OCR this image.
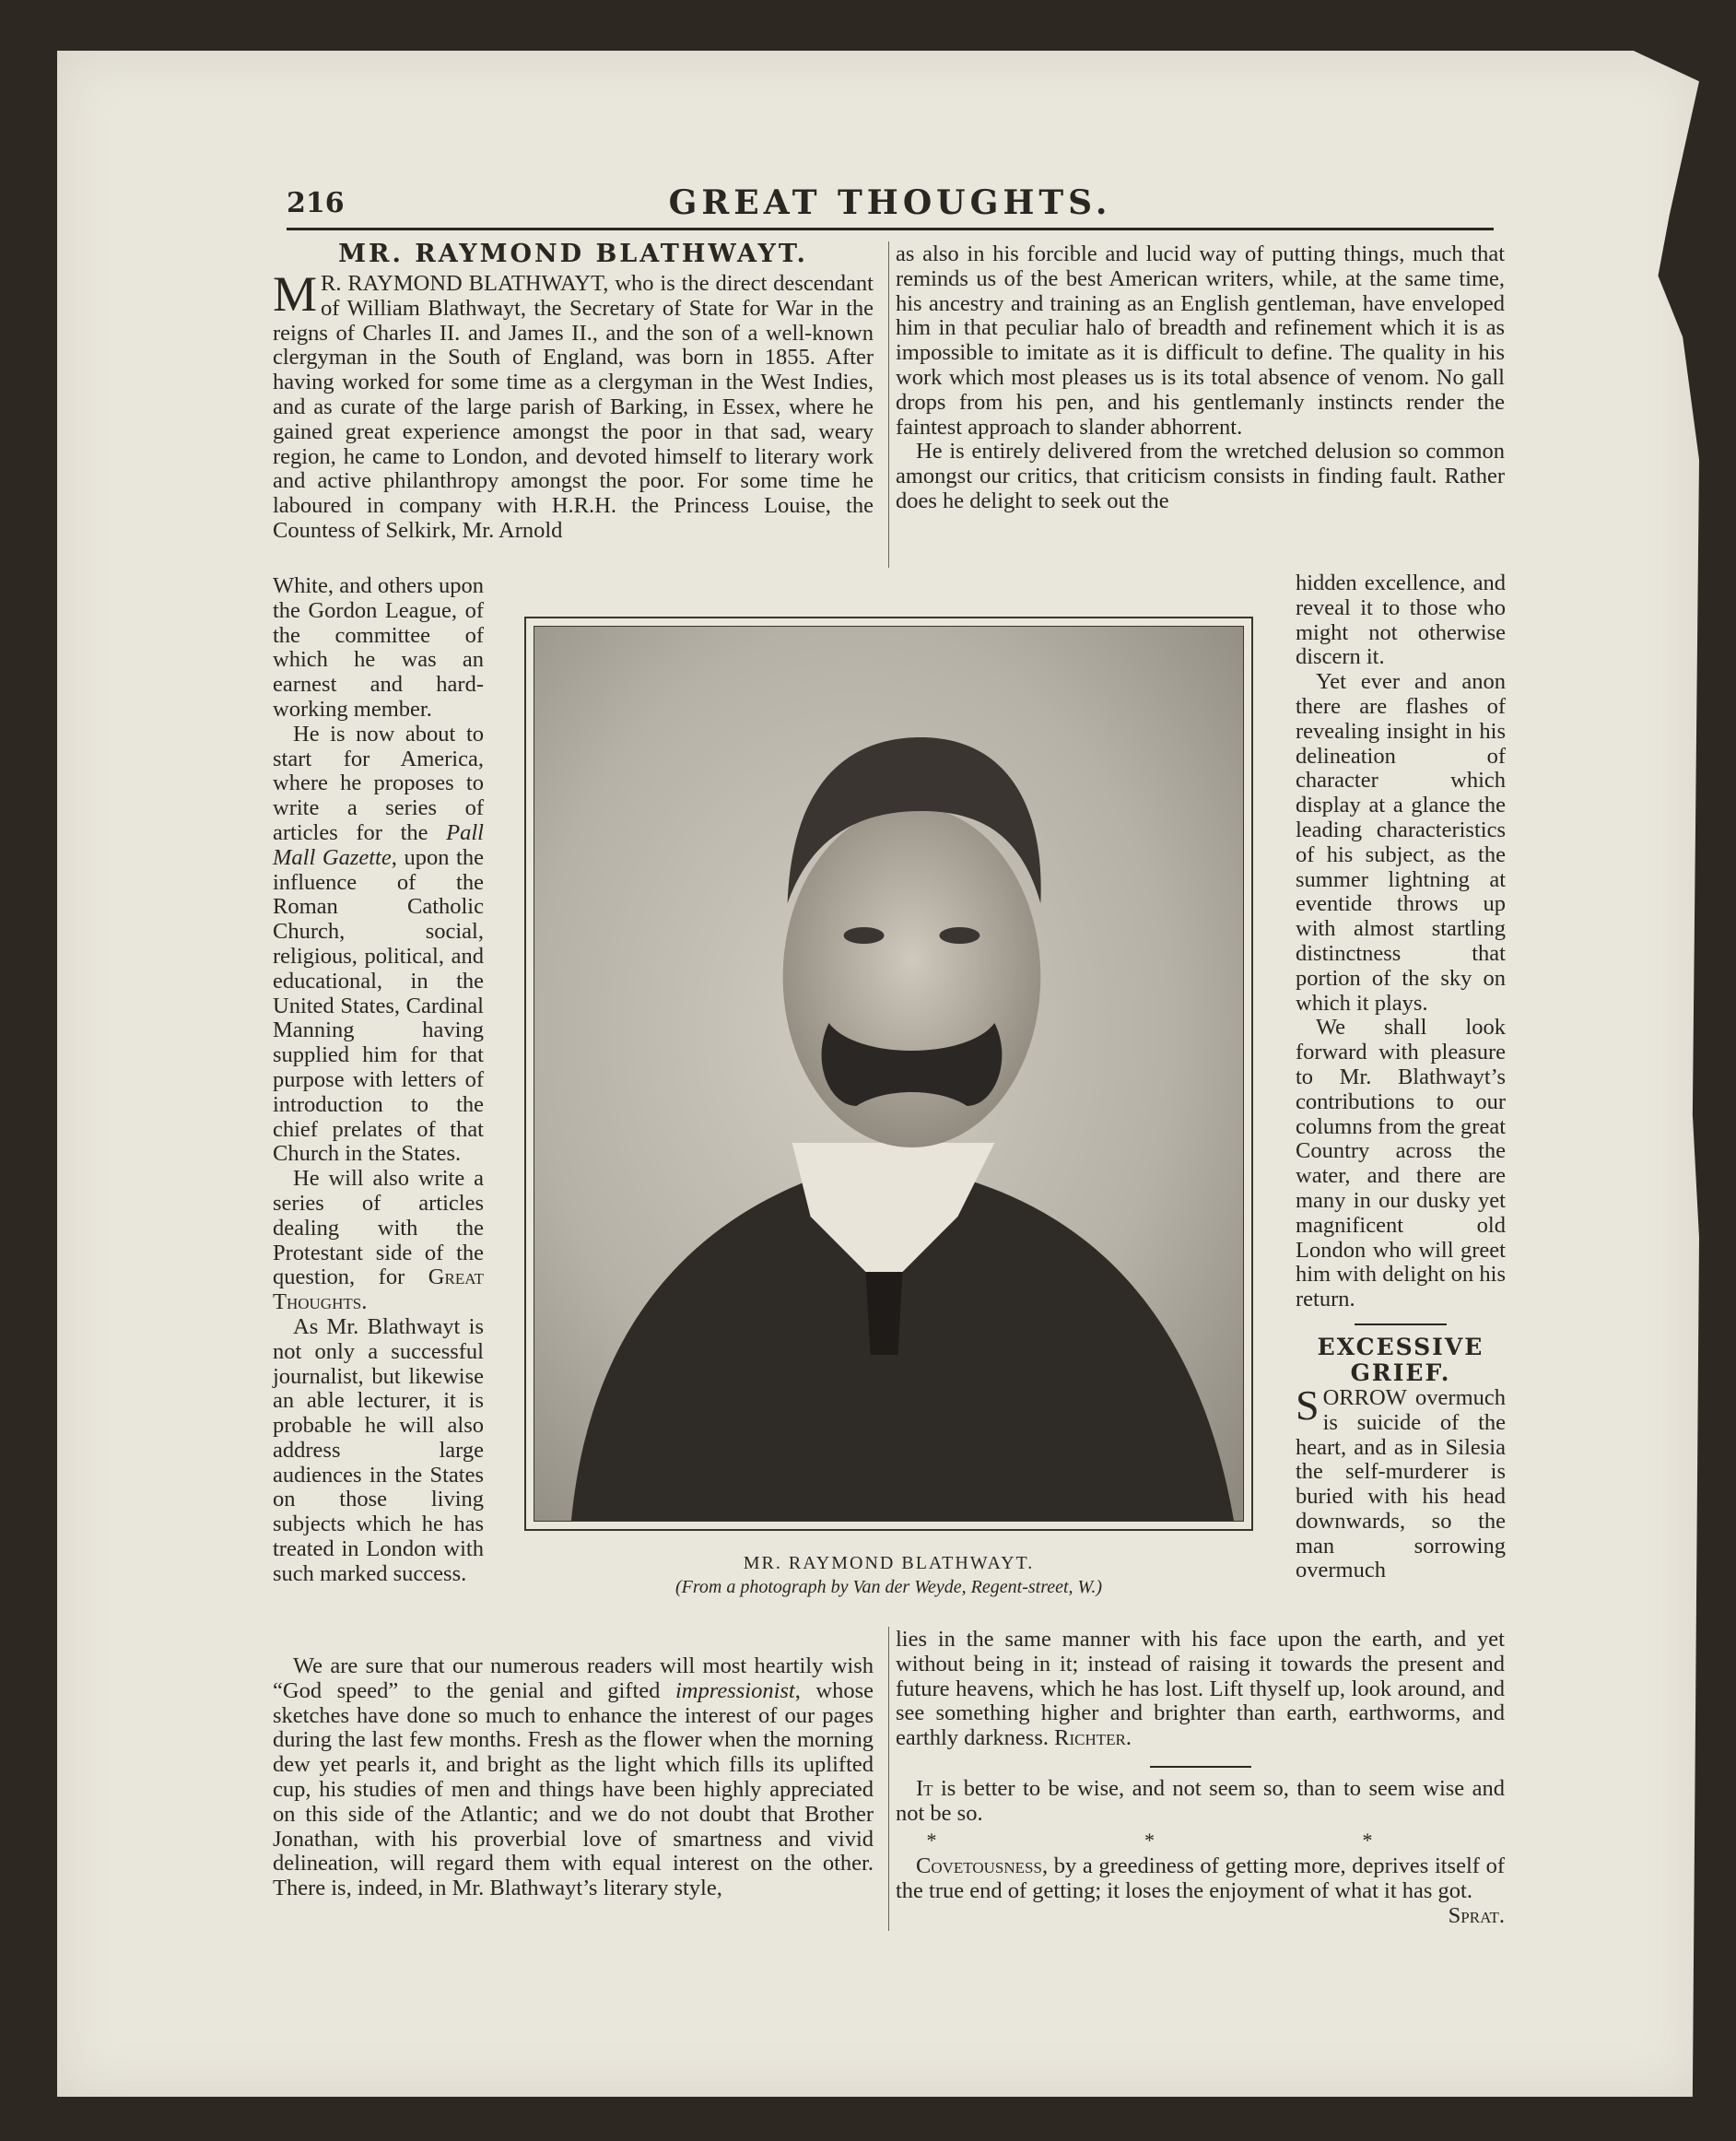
216	GREAT THOUGHTS.
MR. RAYMOND BLATHWAYT.

M R. RAYMOND BLATHWAYT, who is the direct descendant of William Blathwayt, the Secretary of State for War in the reigns of Charles II. and James II., and the son of a well-known clergyman in the South of England, was born in 1855. After having worked for some time as a clergyman in the West Indies, and as curate of the large parish of Barking, in Essex, where he gained great experience amongst the poor in that sad, weary region, he came to London, and devoted himself to literary work and active philanthropy amongst the poor. For some time he laboured in company with H.R.H. the Princess Louise, the Countess of Selkirk, Mr. Arnold

White, and others upon the Gordon League, of the committee of which he was an earnest and hard-working member.

He is now about to start for America, where he proposes to write a series of articles for the Pall Mall Gazette, upon the influence of the Roman Catholic Church, social, religious, political, and educational, in the United States, Cardinal Manning having supplied him for that purpose with letters of introduction to the chief prelates of that Church in the States.

He will also write a series of articles dealing with the Protestant side of the question, for Great Thoughts.

As Mr. Blathwayt is not only a successful journalist, but likewise an able lecturer, it is probable he will also address large audiences in the States on those living subjects which he has treated in London with such marked success.

We are sure that our numerous readers will most heartily wish “God speed” to the genial and gifted impressionist, whose sketches have done so much to enhance the interest of our pages during the last few months. Fresh as the flower when the morning dew yet pearls it, and bright as the light which fills its uplifted cup, his studies of men and things have been highly appreciated on this side of the Atlantic; and we do not doubt that Brother Jonathan, with his proverbial love of smartness and vivid delineation, will regard them with equal interest on the other. There is, indeed, in Mr. Blathwayt’s literary style,

as also in his forcible and lucid way of putting things, much that reminds us of the best American writers, while, at the same time, his ancestry and training as an English gentleman, have enveloped him in that peculiar halo of breadth and refinement which it is as impossible to imitate as it is difficult to define. The quality in his work which most pleases us is its total absence of venom. No gall drops from his pen, and his gentlemanly instincts render the faintest approach to slander abhorrent.

He is entirely delivered from the wretched delusion so common amongst our critics, that criticism consists in finding fault. Rather does he delight to seek out the

hidden excellence, and reveal it to those who might not otherwise discern it.

Yet ever and anon there are flashes of revealing insight in his delineation of character which display at a glance the leading characteristics of his subject, as the summer lightning at eventide throws up with almost startling distinctness that portion of the sky on which it plays.

We shall look forward with pleasure to Mr. Blathwayt’s contributions to our columns from the great Country across the water, and there are many in our dusky yet magnificent old London who will greet him with delight on his return.

EXCESSIVE GRIEF.

SORROW overmuch is suicide of the heart, and as in Silesia the self-murderer is buried with his head downwards, so the man sorrowing overmuch

MR. RAYMOND BLATHWAYT.
(From a photograph by Van der Weyde, Regent-street, W.)

lies in the same manner with his face upon the earth, and yet without being in it; instead of raising it towards the present and future heavens, which he has lost. Lift thyself up, look around, and see something higher and brighter than earth, earthworms, and earthly darkness. Richter.

It is better to be wise, and not seem so, than to seem wise and not be so.

* * *

Covetousness, by a greediness of getting more, deprives itself of the true end of getting; it loses the enjoyment of what it has got.
Sprat.
